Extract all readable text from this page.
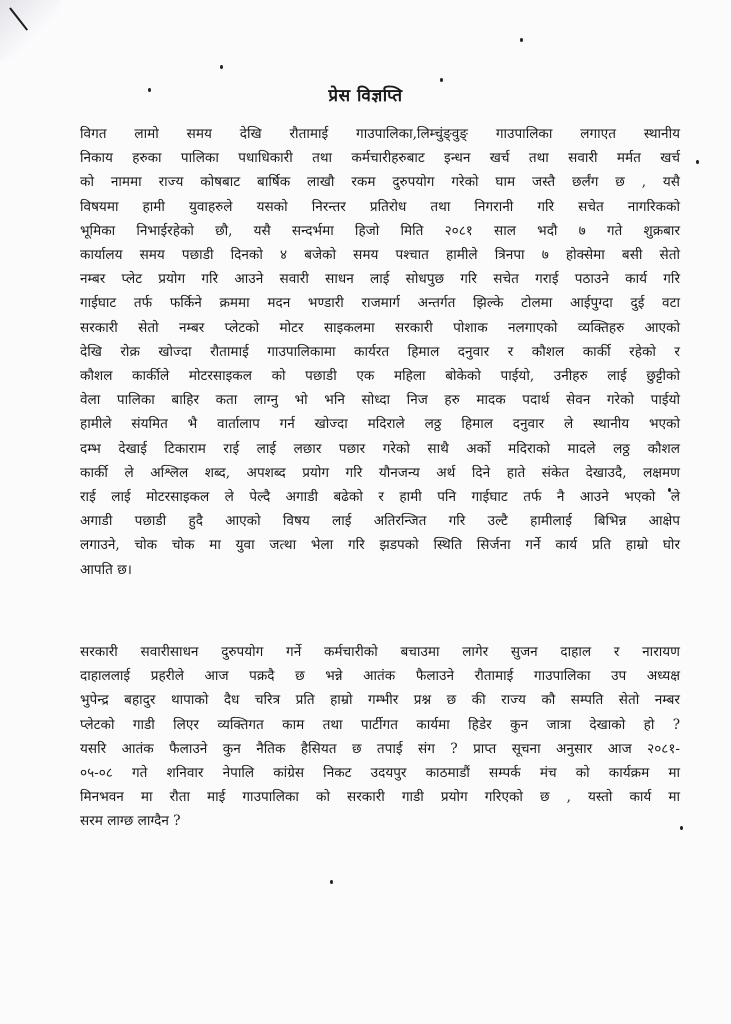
प्रेस विज्ञप्ति
विगत लामो समय देखि रौतामाई गाउपालिका,लिम्चुंङ्वुङ् गाउपालिका लगाएत स्थानीय
निकाय हरुका पालिका पधाधिकारी तथा कर्मचारीहरुबाट इन्धन खर्च तथा सवारी मर्मत खर्च
को नाममा राज्य कोषबाट बार्षिक लाखौ रकम दुरुपयोग गरेको घाम जस्तै छर्लंग छ , यसै
विषयमा हामी युवाहरुले यसको निरन्तर प्रतिरोध तथा निगरानी गरि सचेत नागरिकको
भूमिका निभाईरहेको छौ, यसै सन्दर्भमा हिजो मिति २०८१ साल भदौ ७ गते शुक्रबार
कार्यालय समय पछाडी दिनको ४ बजेको समय पश्चात हामीले त्रिनपा ७ होक्सेमा बसी सेतो
नम्बर प्लेट प्रयोग गरि आउने सवारी साधन लाई सोधपुछ गरि सचेत गराई पठाउने कार्य गरि
गाईघाट तर्फ फर्किने क्रममा मदन भण्डारी राजमार्ग अन्तर्गत झिल्के टोलमा आईपुग्दा दुई वटा
सरकारी सेतो नम्बर प्लेटको मोटर साइकलमा सरकारी पोशाक नलगाएको व्यक्तिहरु आएको
देखि रोक्र खोज्दा रौतामाई गाउपालिकामा कार्यरत हिमाल दनुवार र कौशल कार्की रहेको र
कौशल कार्कीले मोटरसाइकल को पछाडी एक महिला बोकेको पाईयो, उनीहरु लाई छुट्टीको
वेला पालिका बाहिर कता लाग्नु भो भनि सोध्दा निज हरु मादक पदार्थ सेवन गरेको पाईयो
हामीले संयमित भै वार्तालाप गर्न खोज्दा मदिराले लठ्ठ हिमाल दनुवार ले स्थानीय भएको
दम्भ देखाई टिकाराम राई लाई लछार पछार गरेको साथै अर्को मदिराको मादले लठ्ठ कौशल
कार्की ले अश्लिल शब्द, अपशब्द प्रयोग गरि यौनजन्य अर्थ दिने हाते संकेत देखाउदै, लक्षमण
राई लाई मोटरसाइकल ले पेल्दै अगाडी बढेको र हामी पनि गाईघाट तर्फ नै आउने भएको ले
अगाडी पछाडी हुदै आएको विषय लाई अतिरन्जित गरि उल्टै हामीलाई बिभिन्न आक्षेप
लगाउने, चोक चोक मा युवा जत्था भेला गरि झडपको स्थिति सिर्जना गर्ने कार्य प्रति हाम्रो घोर
आपति छ।
सरकारी सवारीसाधन दुरुपयोग गर्ने कर्मचारीको बचाउमा लागेर सुजन दाहाल र नारायण
दाहाललाई प्रहरीले आज पक्रदै छ भन्ने आतंक फैलाउने रौतामाई गाउपालिका उप अध्यक्ष
भुपेन्द्र बहादुर थापाको दैध चरित्र प्रति हाम्रो गम्भीर प्रश्न छ की राज्य कौ सम्पति सेतो नम्बर
प्लेटको गाडी लिएर व्यक्तिगत काम तथा पार्टीगत कार्यमा हिडेर कुन जात्रा देखाको हो ?
यसरि आतंक फैलाउने कुन नैतिक हैसियत छ तपाई संग ? प्राप्त सूचना अनुसार आज २०८१-
०५-०८ गते शनिवार नेपालि कांग्रेस निकट उदयपुर काठमाडौं सम्पर्क मंच को कार्यक्रम मा
मिनभवन मा रौता माई गाउपालिका को सरकारी गाडी प्रयोग गरिएको छ , यस्तो कार्य मा
सरम लाग्छ लाग्दैन ?
